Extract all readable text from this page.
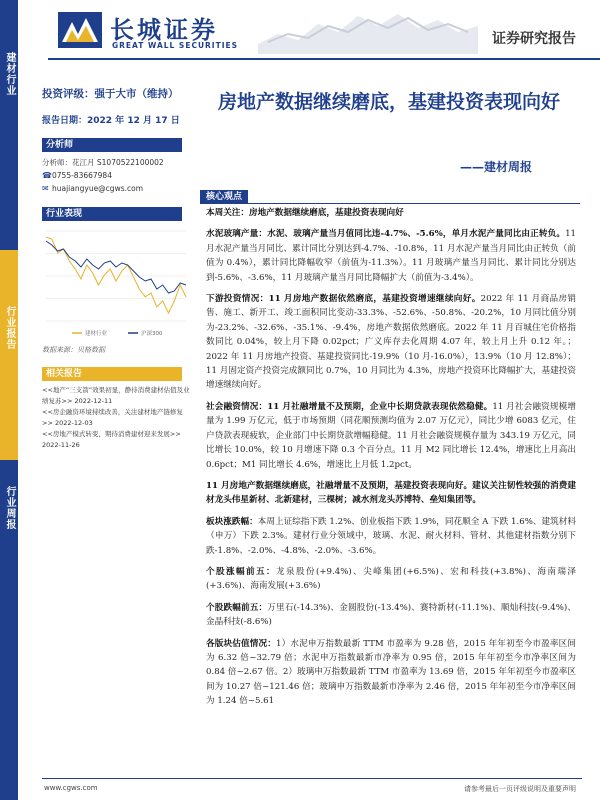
建材行业
行业报告
行业周报
长城证券
GREAT WALL SECURITIES	证券研究报告
投资评级：强于大市（维持）
报告日期：2022 年 12 月 17 日
分析师
分析师：花江月 S1070522100002
☎0755-83667984
✉ huajiangyue@cgws.com
行业表现
建材行业	沪深300
数据来源：贝格数据
相关报告
<<地产“三支箭”效果初显，静待消费建材估值及业绩复苏>> 2022-12-11
<<房企融资环境持续改善，关注建材地产链修复>> 2022-12-03
<<房地产模式转变，期待消费建材迎来发展>> 2022-11-26
房地产数据继续磨底，基建投资表现向好
——建材周报
核心观点

本周关注：房地产数据继续磨底，基建投资表现向好

水泥玻璃产量：水泥、玻璃产量当月值同比违-4.7%、-5.6%，单月水泥产量同比由正转负。11 月水泥产量当月同比、累计同比分别达到-4.7%、-10.8%，11 月水泥产量当月同比由正转负（前值为 0.4%），累计同比降幅收窄（前值为-11.3%）。11 月玻璃产量当月同比、累计同比分别达到-5.6%、-3.6%，11 月玻璃产量当月同比降幅扩大（前值为-3.4%）。

下游投资情况：11 月房地产数据依然磨底，基建投资增速继续向好。2022 年 11 月商品房销售、施工、新开工、竣工面积同比变动-33.3%、-52.6%、-50.8%、-20.2%，10 月同比值分别为-23.2%、-32.6%、-35.1%、-9.4%，房地产数据依然磨底。2022 年 11 月百城住宅价格指数同比 0.04%，较上月下降 0.02pct；广义库存去化周期 4.07 年，较上月上升 0.12 年。；2022 年 11 月房地产投资、基建投资同比-19.9%（10 月-16.0%），13.9%（10 月 12.8%）；11 月固定资产投资完成额同比 0.7%，10 月同比为 4.3%，房地产投资环比降幅扩大，基建投资增速继续向好。

社会融资情况：11 月社融增量不及预期，企业中长期贷款表现依然稳健。11 月社会融资规模增量为 1.99 万亿元，低于市场预期（同花顺预测均值为 2.07 万亿元），同比少增 6083 亿元，住户贷款表现疲软，企业部门中长期贷款增幅稳健。11 月社会融资规模存量为 343.19 万亿元，同比增长 10.0%，较 10 月增速下降 0.3 个百分点。11 月 M2 同比增长 12.4%，增速比上月高出 0.6pct；M1 同比增长 4.6%，增速比上月低 1.2pct。

11 月房地产数据继续磨底，社融增量不及预期，基建投资表现向好。建议关注韧性较强的消费建材龙头伟星新材、北新建材，三棵树；减水剂龙头苏博特、垒知集团等。

板块涨跌幅：本周上证综指下跌 1.2%、创业板指下跌 1.9%，同花顺全 A 下跌 1.6%、建筑材料（申万）下跌 2.3%。建材行业分领域中，玻璃、水泥、耐火材料、管材、其他建材指数分别下跌-1.8%、-2.0%、-4.8%、-2.0%、-3.6%。

个股涨幅前五：龙泉股份(+9.4%)、尖峰集团(+6.5%)、宏和科技(+3.8%)、海南瑞泽(+3.6%)、海南发展(+3.6%)

个股跌幅前五：万里石(-14.3%)、金圆股份(-13.4%)、赛特新材(-11.1%)、顺灿科技(-9.4%)、金晶科技(-8.6%)

各版块估值情况：1）水泥申万指数最新 TTM 市盈率为 9.28 倍，2015 年年初至今市盈率区间为 6.32 倍~32.79 倍；水泥申万指数最新市净率为 0.95 倍，2015 年年初至今市净率区间为 0.84 倍~2.67 倍。2）玻璃申万指数最新 TTM 市盈率为 13.69 倍，2015 年年初至今市盈率区间为 10.27 倍~121.46 倍；玻璃申万指数最新市净率为 2.46 倍，2015 年年初至今市净率区间为 1.24 倍~5.61

www.cgws.com	请参考最后一页评级说明及重要声明
